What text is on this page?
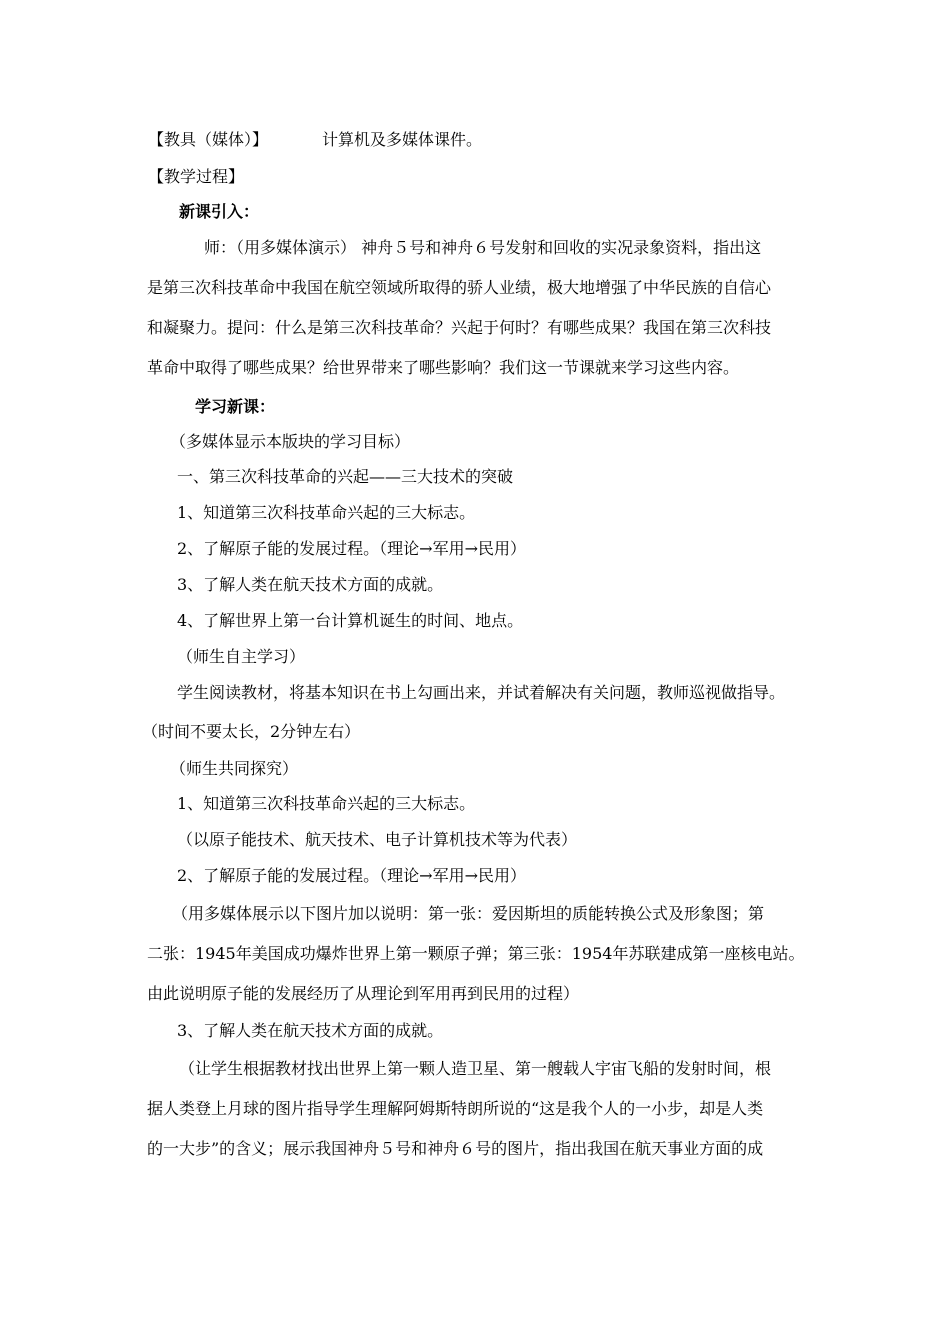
【教具（媒体）】	计算机及多媒体课件。
【教学过程】
新课引入：
师：（用多媒体演示） 神舟５号和神舟６号发射和回收的实况录象资料，指出这
是第三次科技革命中我国在航空领域所取得的骄人业绩，极大地增强了中华民族的自信心
和凝聚力。提问：什么是第三次科技革命？兴起于何时？有哪些成果？我国在第三次科技
革命中取得了哪些成果？给世界带来了哪些影响？我们这一节课就来学习这些内容。
学习新课：
（多媒体显示本版块的学习目标）
一、第三次科技革命的兴起——三大技术的突破
1、知道第三次科技革命兴起的三大标志。
2、了解原子能的发展过程。（理论→军用→民用）
3、了解人类在航天技术方面的成就。
4、了解世界上第一台计算机诞生的时间、地点。
（师生自主学习）
学生阅读教材，将基本知识在书上勾画出来，并试着解决有关问题，教师巡视做指导。
（时间不要太长，2分钟左右）
（师生共同探究）
1、知道第三次科技革命兴起的三大标志。
（以原子能技术、航天技术、电子计算机技术等为代表）
2、了解原子能的发展过程。（理论→军用→民用）
（用多媒体展示以下图片加以说明：第一张：爱因斯坦的质能转换公式及形象图；第
二张：1945年美国成功爆炸世界上第一颗原子弹；第三张：1954年苏联建成第一座核电站。
由此说明原子能的发展经历了从理论到军用再到民用的过程）
3、了解人类在航天技术方面的成就。
（让学生根据教材找出世界上第一颗人造卫星、第一艘载人宇宙飞船的发射时间，根
据人类登上月球的图片指导学生理解阿姆斯特朗所说的“这是我个人的一小步，却是人类
的一大步”的含义；展示我国神舟５号和神舟６号的图片，指出我国在航天事业方面的成
